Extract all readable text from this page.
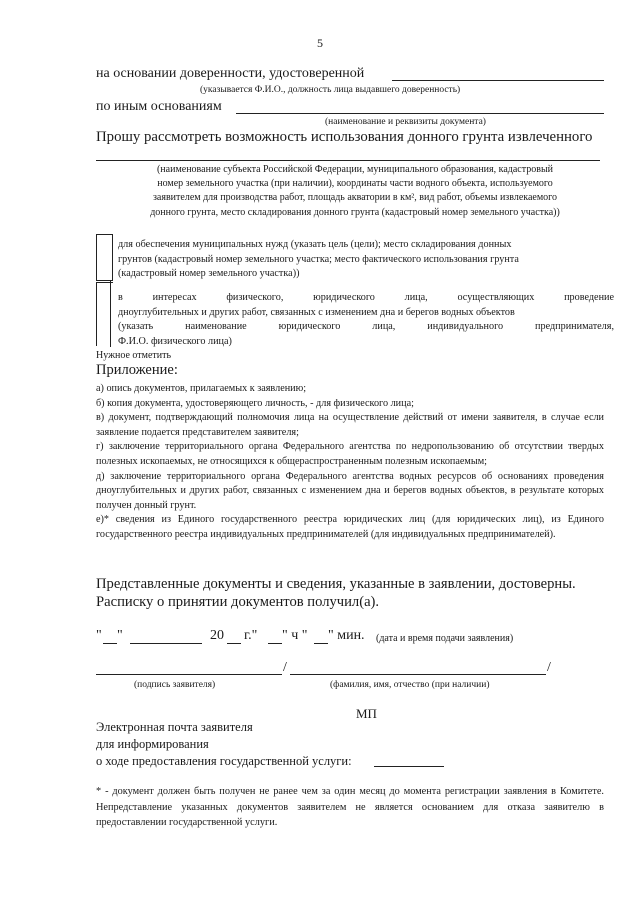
5
на основании доверенности, удостоверенной
(указывается Ф.И.О., должность лица выдавшего доверенность)
по иным основаниям
(наименование и реквизиты документа)
Прошу рассмотреть возможность использования донного грунта извлеченного
(наименование субъекта Российской Федерации, муниципального образования, кадастровый
номер земельного участка (при наличии), координаты части водного объекта, используемого
заявителем для производства работ, площадь акватории в км², вид работ, объемы извлекаемого
донного грунта, место складирования донного грунта (кадастровый номер земельного участка))
для обеспечения муниципальных нужд (указать цель (цели); место складирования донных
грунтов (кадастровый номер земельного участка; место фактического использования грунта
(кадастровый номер земельного участка))
в интересах физического, юридического лица, осуществляющих проведение
дноуглубительных и других работ, связанных с изменением дна и берегов водных объектов
(указать наименование юридического лица, индивидуального предпринимателя,
Ф.И.О. физического лица)
Нужное отметить
Приложение:

а) опись документов, прилагаемых к заявлению;

б) копия документа, удостоверяющего личность, - для физического лица;

в) документ, подтверждающий полномочия лица на осуществление действий от имени заявителя, в случае если заявление подается представителем заявителя;

г) заключение территориального органа Федерального агентства по недропользованию об отсутствии твердых полезных ископаемых, не относящихся к общераспространенным полезным ископаемым;

д) заключение территориального органа Федерального агентства водных ресурсов об основаниях проведения дноуглубительных и других работ, связанных с изменением дна и берегов водных объектов, в результате которых получен донный грунт.

е)* сведения из Единого государственного реестра юридических лиц (для юридических лиц), из Единого государственного реестра индивидуальных предпринимателей (для индивидуальных предпринимателей).

Представленные документы и сведения, указанные в заявлении, достоверны.
Расписку о принятии документов получил(а).
" "	20 г." " ч " " мин. (дата и время подачи заявления)
/	/
(подпись заявителя)	(фамилия, имя, отчество (при наличии)
МП
Электронная почта заявителя
для информирования
о ходе предоставления государственной услуги:
* - документ должен быть получен не ранее чем за один месяц до момента регистрации заявления в Комитете. Непредставление указанных документов заявителем не является основанием для отказа заявителю в предоставлении государственной услуги.
